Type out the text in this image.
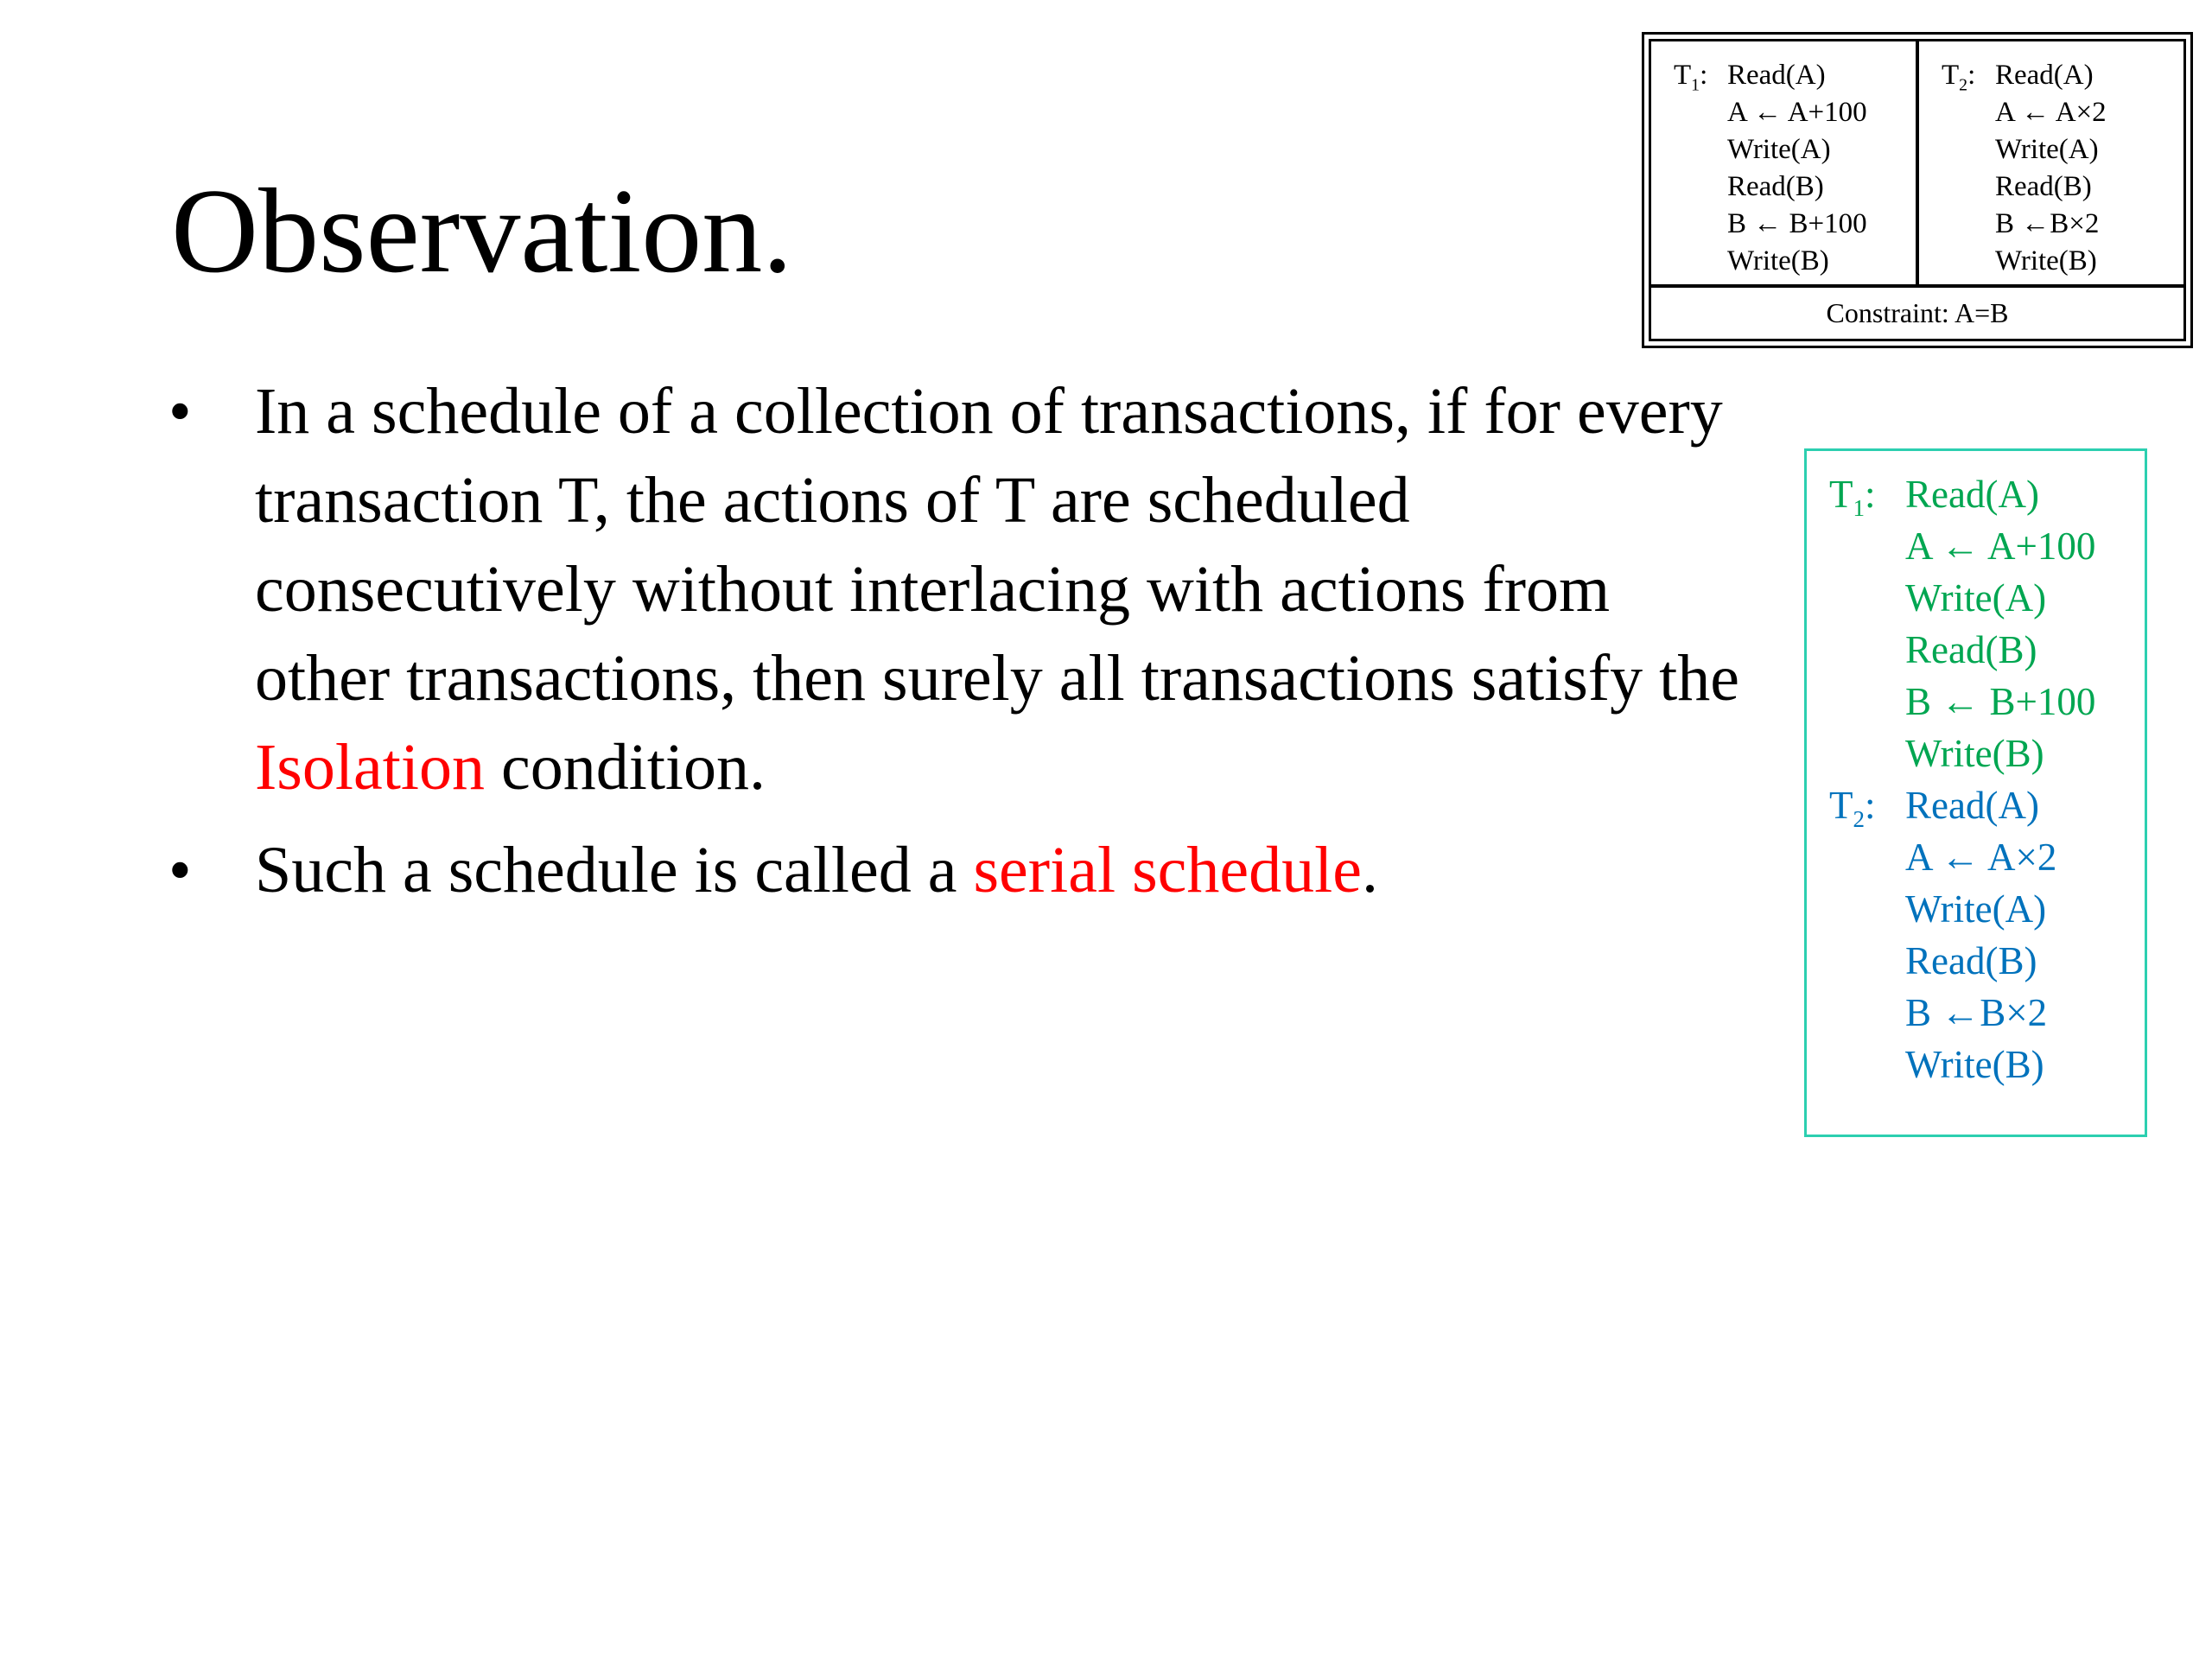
Observation.
• In a schedule of a collection of transactions, if for every transaction T, the actions of T are scheduled consecutively without interlacing with actions from other transactions, then surely all transactions satisfy the Isolation condition.
• Such a schedule is called a serial schedule.
$T_1$: Read(A)
A ← A+100
Write(A)
Read(B)
B ← B+100
Write(B)
$T_2$: Read(A)
A ← A×2
Write(A)
Read(B)
B ←B×2
Write(B)
Constraint: A=B
$T_1$: Read(A)
A ← A+100
Write(A)
Read(B)
B ← B+100
Write(B)
$T_2$: Read(A)
A ← A×2
Write(A)
Read(B)
B ←B×2
Write(B)
